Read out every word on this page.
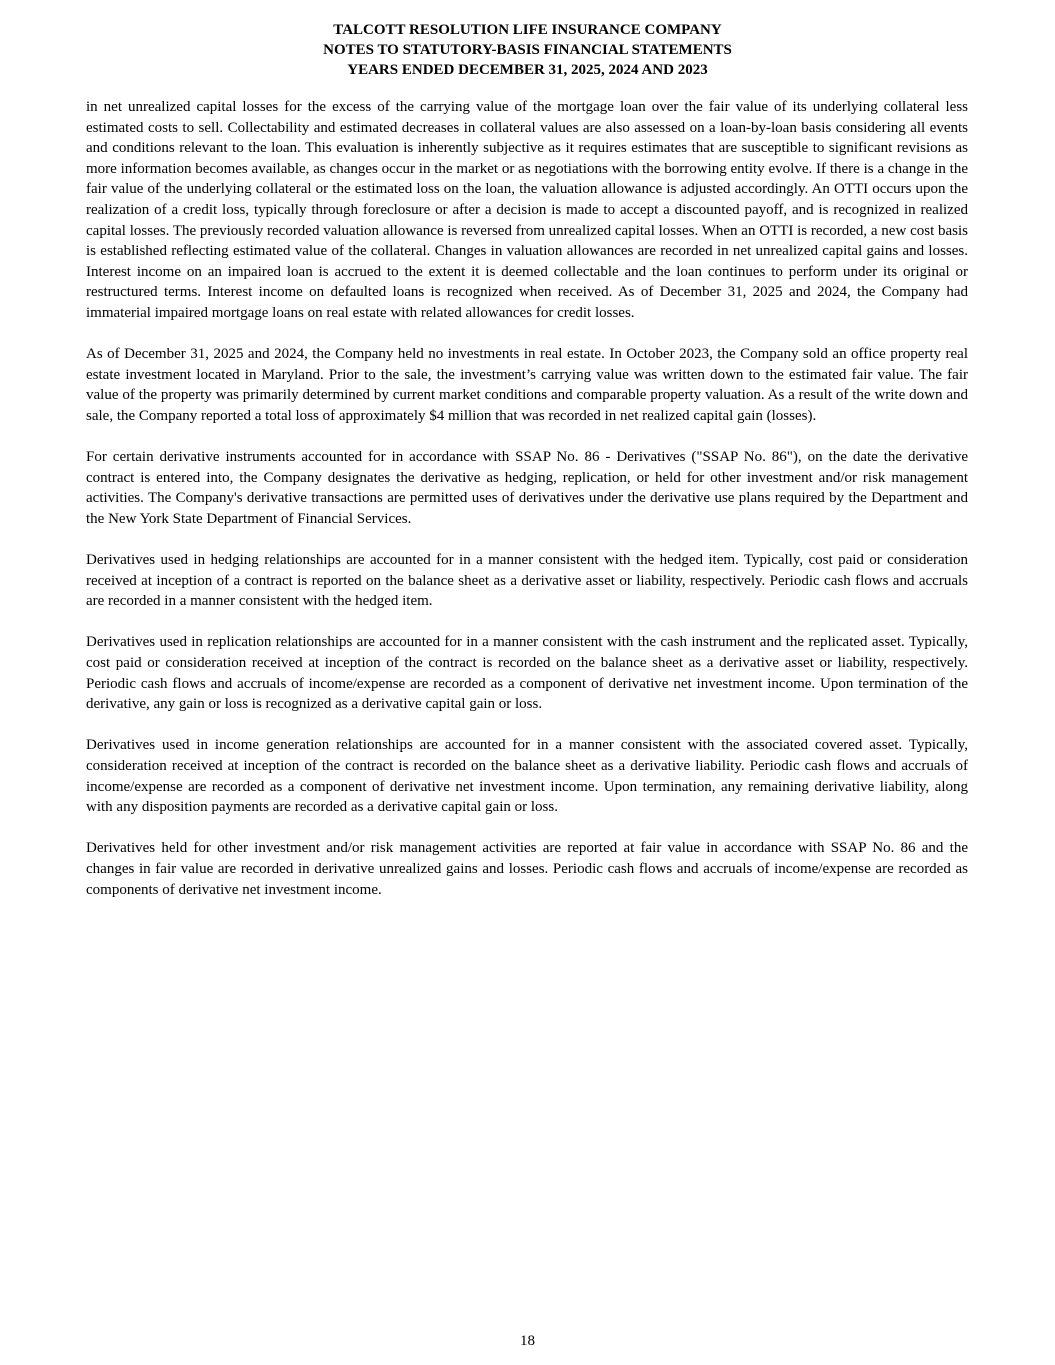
TALCOTT RESOLUTION LIFE INSURANCE COMPANY
NOTES TO STATUTORY-BASIS FINANCIAL STATEMENTS
YEARS ENDED DECEMBER 31, 2025, 2024 AND 2023

in net unrealized capital losses for the excess of the carrying value of the mortgage loan over the fair value of its underlying collateral less estimated costs to sell. Collectability and estimated decreases in collateral values are also assessed on a loan-by-loan basis considering all events and conditions relevant to the loan. This evaluation is inherently subjective as it requires estimates that are susceptible to significant revisions as more information becomes available, as changes occur in the market or as negotiations with the borrowing entity evolve. If there is a change in the fair value of the underlying collateral or the estimated loss on the loan, the valuation allowance is adjusted accordingly. An OTTI occurs upon the realization of a credit loss, typically through foreclosure or after a decision is made to accept a discounted payoff, and is recognized in realized capital losses. The previously recorded valuation allowance is reversed from unrealized capital losses. When an OTTI is recorded, a new cost basis is established reflecting estimated value of the collateral. Changes in valuation allowances are recorded in net unrealized capital gains and losses. Interest income on an impaired loan is accrued to the extent it is deemed collectable and the loan continues to perform under its original or restructured terms. Interest income on defaulted loans is recognized when received. As of December 31, 2025 and 2024, the Company had immaterial impaired mortgage loans on real estate with related allowances for credit losses.

As of December 31, 2025 and 2024, the Company held no investments in real estate. In October 2023, the Company sold an office property real estate investment located in Maryland. Prior to the sale, the investment’s carrying value was written down to the estimated fair value. The fair value of the property was primarily determined by current market conditions and comparable property valuation. As a result of the write down and sale, the Company reported a total loss of approximately $4 million that was recorded in net realized capital gain (losses).

For certain derivative instruments accounted for in accordance with SSAP No. 86 - Derivatives ("SSAP No. 86"), on the date the derivative contract is entered into, the Company designates the derivative as hedging, replication, or held for other investment and/or risk management activities. The Company's derivative transactions are permitted uses of derivatives under the derivative use plans required by the Department and the New York State Department of Financial Services.

Derivatives used in hedging relationships are accounted for in a manner consistent with the hedged item. Typically, cost paid or consideration received at inception of a contract is reported on the balance sheet as a derivative asset or liability, respectively. Periodic cash flows and accruals are recorded in a manner consistent with the hedged item.

Derivatives used in replication relationships are accounted for in a manner consistent with the cash instrument and the replicated asset. Typically, cost paid or consideration received at inception of the contract is recorded on the balance sheet as a derivative asset or liability, respectively. Periodic cash flows and accruals of income/expense are recorded as a component of derivative net investment income. Upon termination of the derivative, any gain or loss is recognized as a derivative capital gain or loss.

Derivatives used in income generation relationships are accounted for in a manner consistent with the associated covered asset. Typically, consideration received at inception of the contract is recorded on the balance sheet as a derivative liability. Periodic cash flows and accruals of income/expense are recorded as a component of derivative net investment income. Upon termination, any remaining derivative liability, along with any disposition payments are recorded as a derivative capital gain or loss.

Derivatives held for other investment and/or risk management activities are reported at fair value in accordance with SSAP No. 86 and the changes in fair value are recorded in derivative unrealized gains and losses. Periodic cash flows and accruals of income/expense are recorded as components of derivative net investment income.

18
